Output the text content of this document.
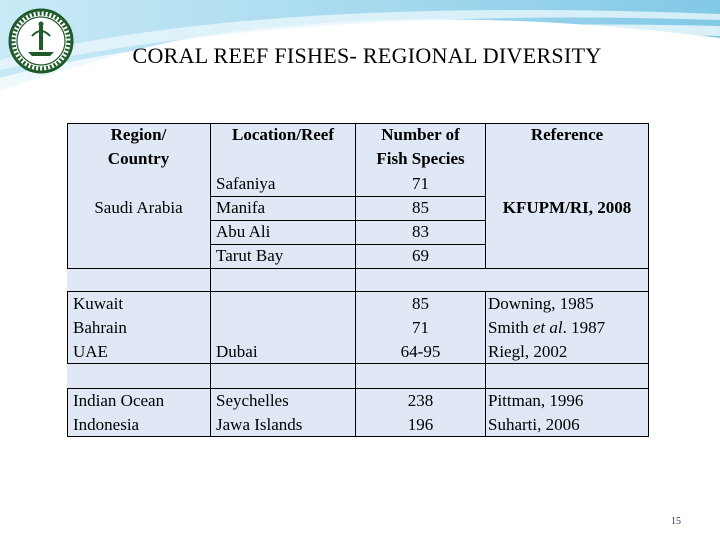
CORAL REEF FISHES- REGIONAL DIVERSITY
Region/
Country
Location/Reef	Number of
Fish Species
Reference
Saudi Arabia
Safaniya
Manifa
Abu Ali
Tarut Bay
71
85
83
69
KFUPM/RI, 2008
Kuwait
Bahrain
UAE	Dubai
85
71
64-95
Downing, 1985
Smith et al. 1987
Riegl, 2002
Indian Ocean
Indonesia
Seychelles
Jawa Islands
238
196
Pittman, 1996
Suharti, 2006
15
